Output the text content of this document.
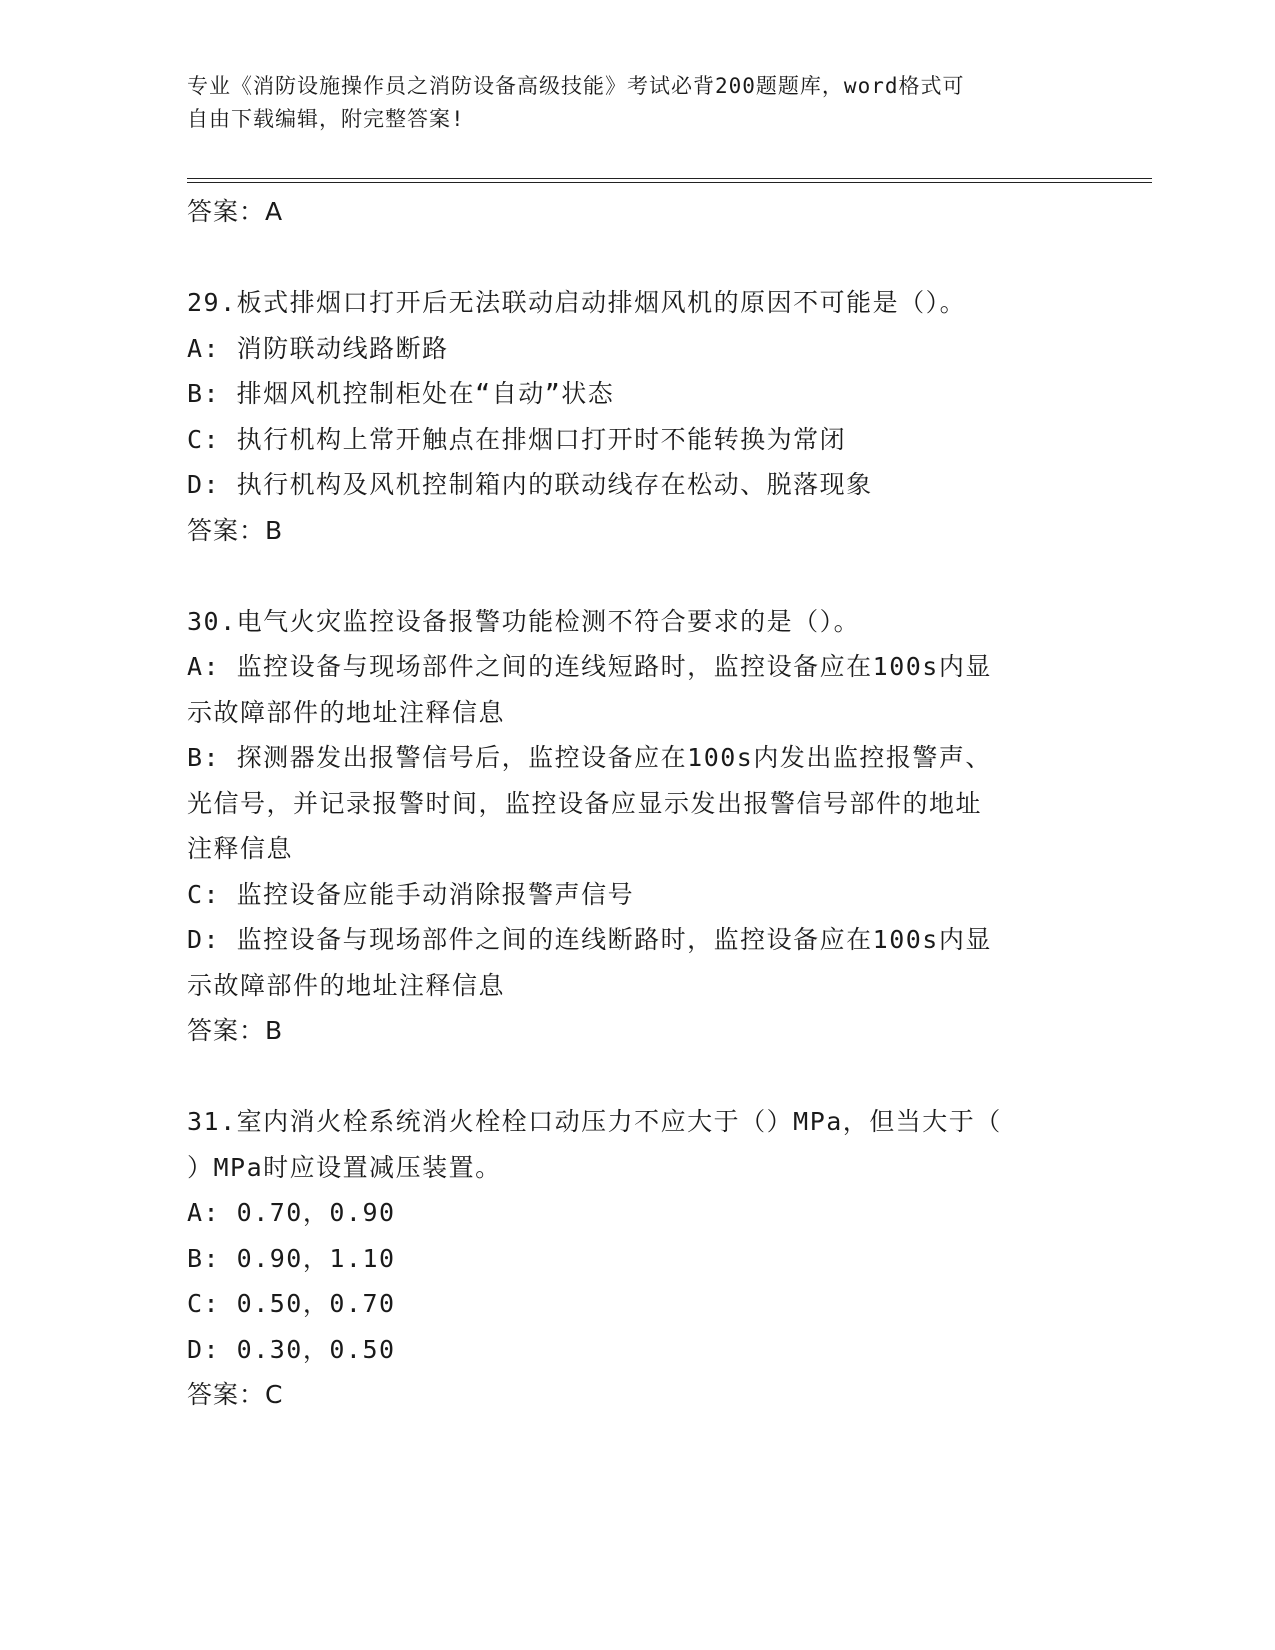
专业《消防设施操作员之消防设备高级技能》考试必背200题题库，word格式可
自由下载编辑，附完整答案!
答案：A
29.板式排烟口打开后无法联动启动排烟风机的原因不可能是（）。
A: 消防联动线路断路
B: 排烟风机控制柜处在“自动”状态
C: 执行机构上常开触点在排烟口打开时不能转换为常闭
D: 执行机构及风机控制箱内的联动线存在松动、脱落现象
答案：B
30.电气火灾监控设备报警功能检测不符合要求的是（）。
A: 监控设备与现场部件之间的连线短路时，监控设备应在100s内显
示故障部件的地址注释信息
B: 探测器发出报警信号后，监控设备应在100s内发出监控报警声、
光信号，并记录报警时间，监控设备应显示发出报警信号部件的地址
注释信息
C: 监控设备应能手动消除报警声信号
D: 监控设备与现场部件之间的连线断路时，监控设备应在100s内显
示故障部件的地址注释信息
答案：B
31.室内消火栓系统消火栓栓口动压力不应大于（）MPa，但当大于（
）MPa时应设置减压装置。
A: 0.70，0.90
B: 0.90，1.10
C: 0.50，0.70
D: 0.30，0.50
答案：C
